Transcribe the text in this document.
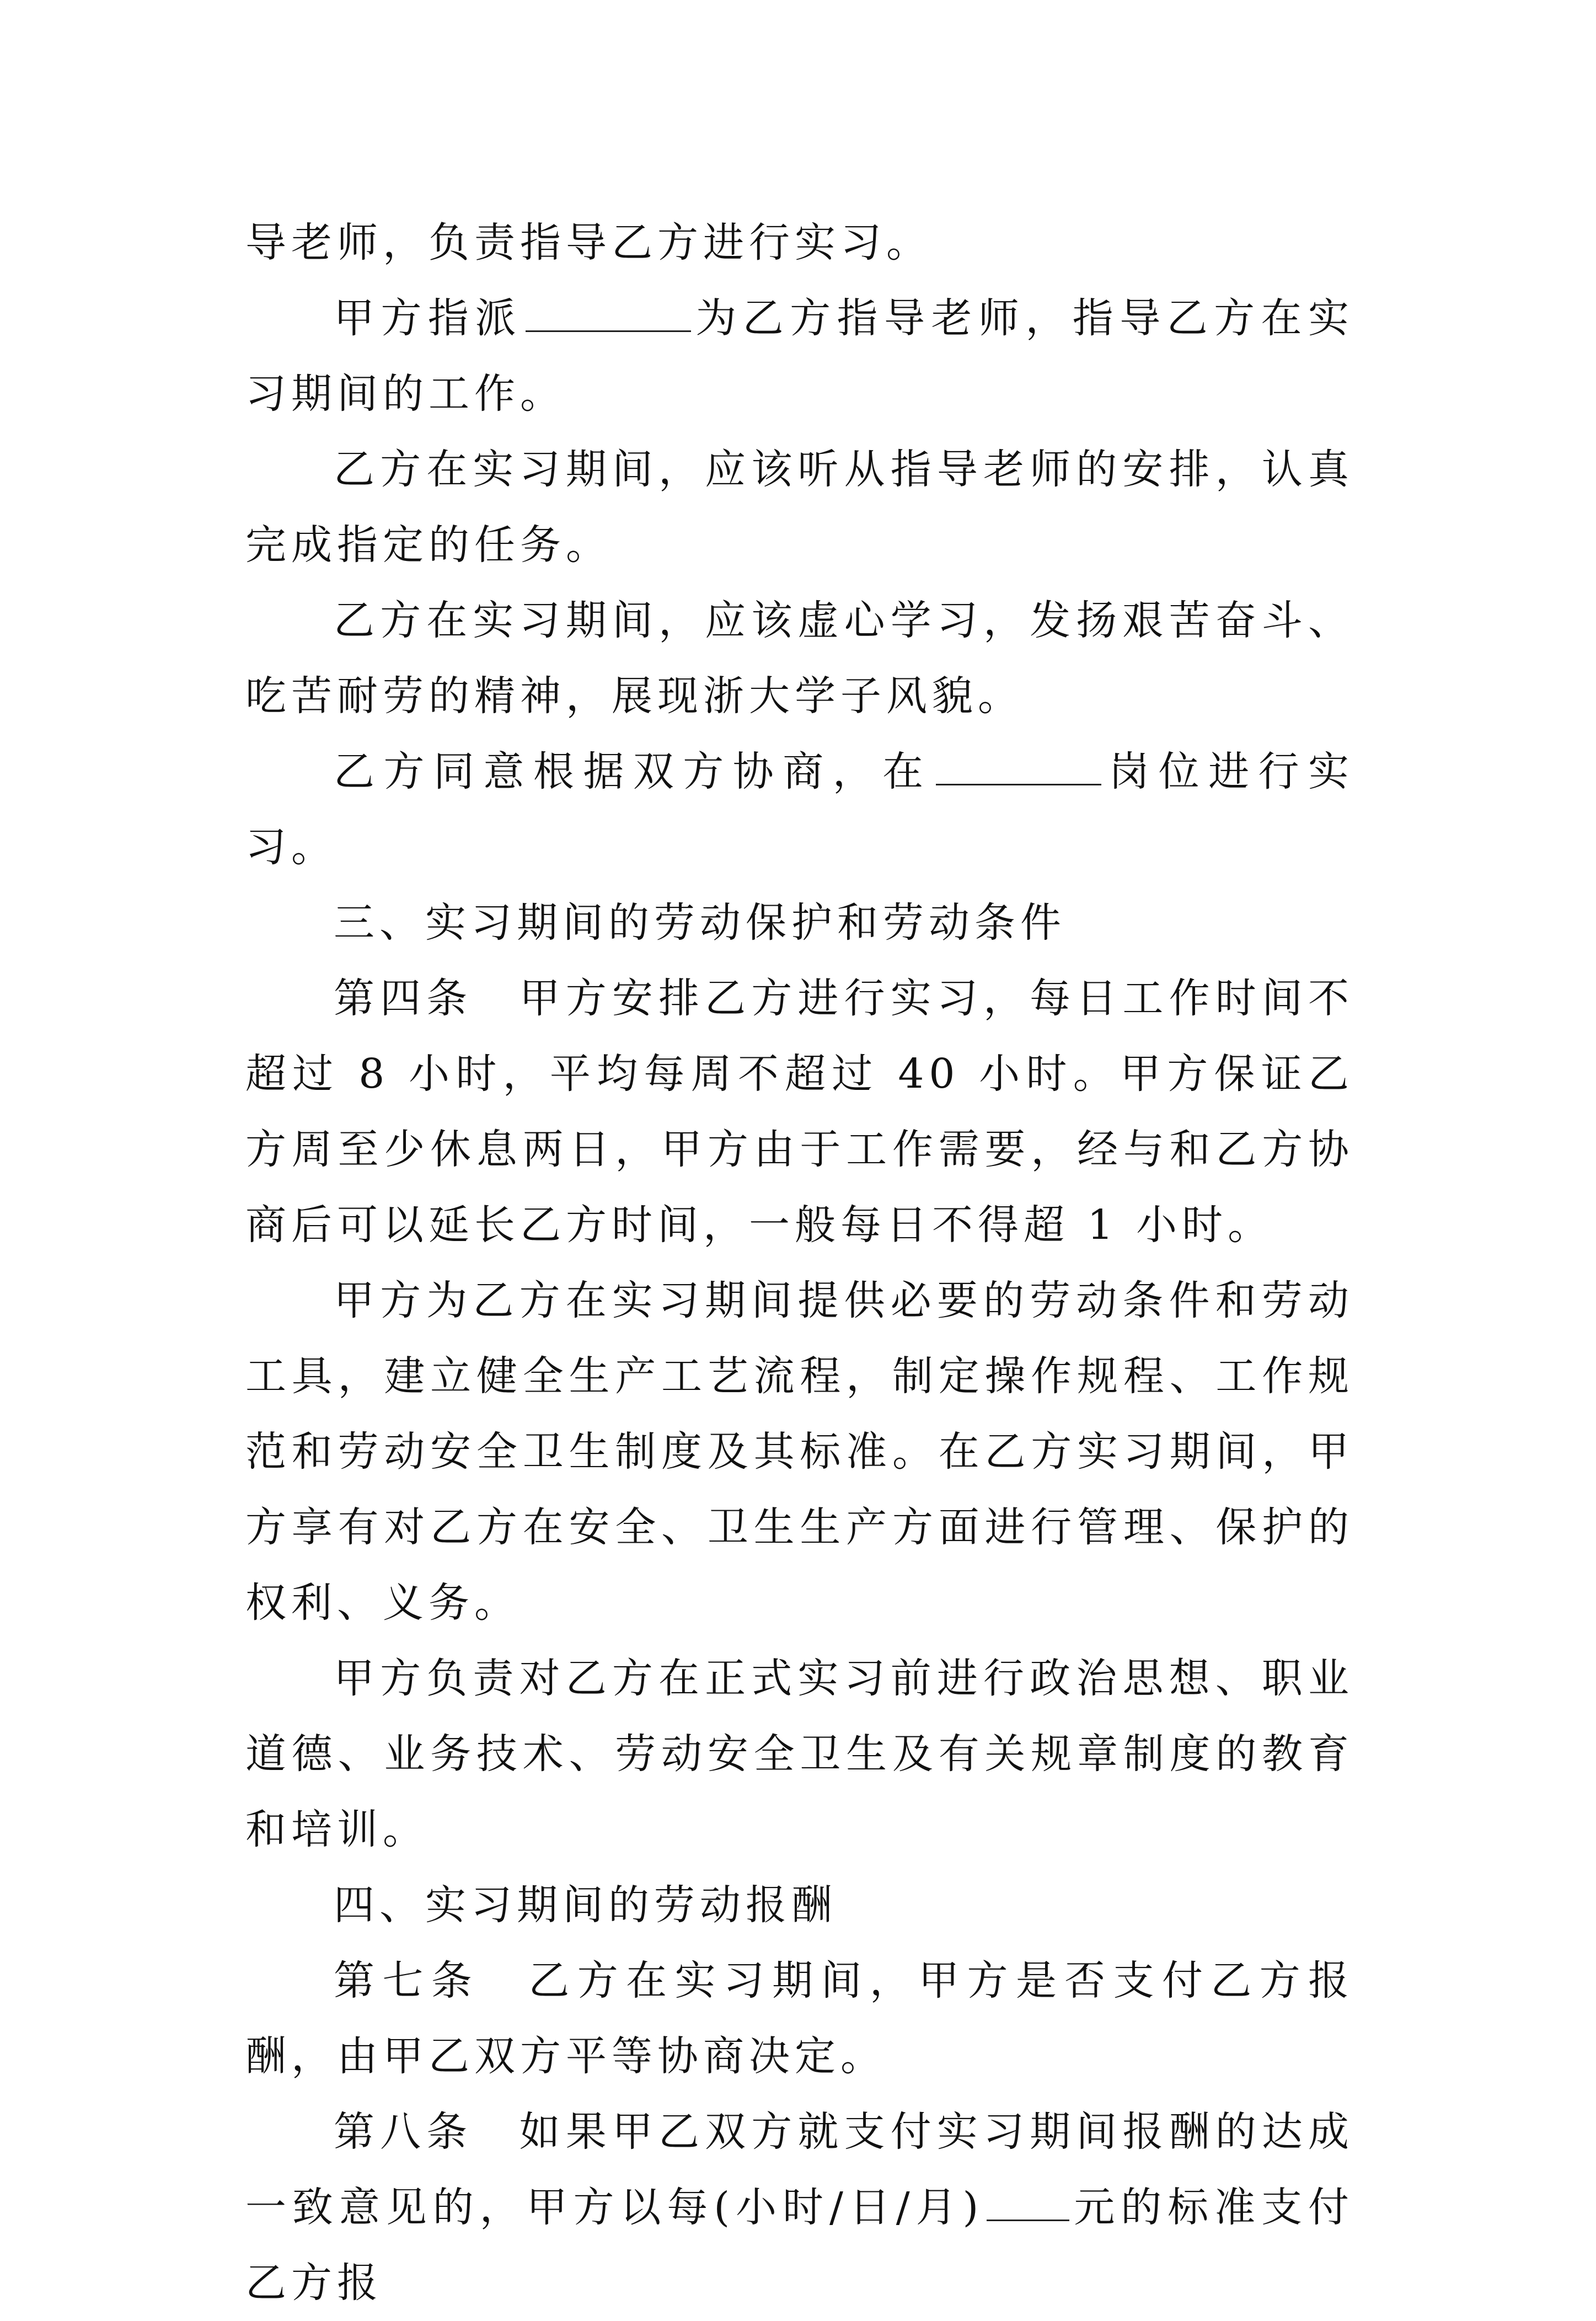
导老师，负责指导乙方进行实习。

甲方指派	为乙方指导老师，指导乙方在实习期间的工作。

乙方在实习期间，应该听从指导老师的安排，认真完成指定的任务。

乙方在实习期间，应该虚心学习，发扬艰苦奋斗、吃苦耐劳的精神，展现浙大学子风貌。

乙方同意根据双方协商，在	岗位进行实习。

三、实习期间的劳动保护和劳动条件

第四条　甲方安排乙方进行实习，每日工作时间不超过 8 小时，平均每周不超过 40 小时。甲方保证乙方周至少休息两日，甲方由于工作需要，经与和乙方协商后可以延长乙方时间，一般每日不得超 1 小时。

甲方为乙方在实习期间提供必要的劳动条件和劳动工具，建立健全生产工艺流程，制定操作规程、工作规范和劳动安全卫生制度及其标准。在乙方实习期间，甲方享有对乙方在安全、卫生生产方面进行管理、保护的权利、义务。

甲方负责对乙方在正式实习前进行政治思想、职业道德、业务技术、劳动安全卫生及有关规章制度的教育和培训。

四、实习期间的劳动报酬

第七条　乙方在实习期间，甲方是否支付乙方报酬，由甲乙双方平等协商决定。

第八条　如果甲乙双方就支付实习期间报酬的达成一致意见的，甲方以每(小时/日/月) 元的标准支付乙方报
